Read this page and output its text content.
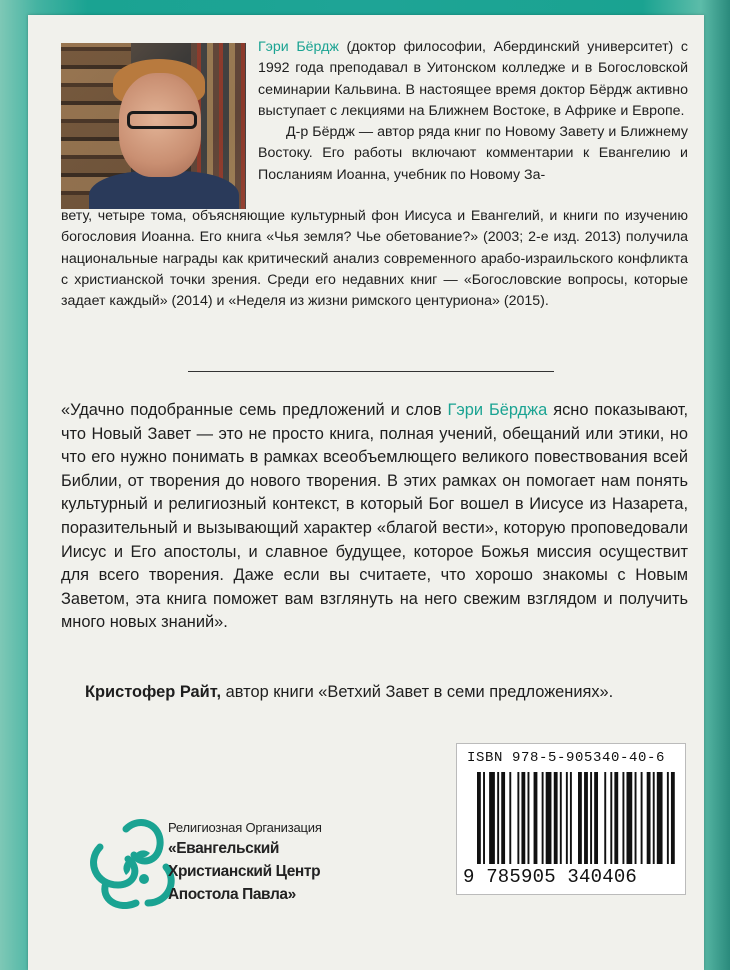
Гэри Бёрдж (доктор философии, Абердинский университет) с 1992 года преподавал в Уитонском колледже и в Богословской семинарии Кальвина. В настоящее время доктор Бёрдж активно выступает с лекциями на Ближнем Востоке, в Африке и Европе.
Д-р Бёрдж — автор ряда книг по Новому Завету и Ближнему Востоку. Его работы включают комментарии к Евангелию и Посланиям Иоанна, учебник по Новому За-
вету, четыре тома, объясняющие культурный фон Иисуса и Евангелий, и книги по изучению богословия Иоанна. Его книга «Чья земля? Чье обетование?» (2003; 2-е изд. 2013) получила национальные награды как критический анализ современного арабо-израильского конфликта с христианской точки зрения. Среди его недавних книг — «Богословские вопросы, которые задает каждый» (2014) и «Неделя из жизни римского центуриона» (2015).

«Удачно подобранные семь предложений и слов Гэри Бёрджа ясно показывают, что Новый Завет — это не просто книга, полная учений, обещаний или этики, но что его нужно понимать в рамках всеобъемлющего великого повествования всей Библии, от творения до нового творения. В этих рамках он помогает нам понять культурный и религиозный контекст, в который Бог вошел в Иисусе из Назарета, поразительный и вызывающий характер «благой вести», которую проповедовали Иисус и Его апостолы, и славное будущее, которое Божья миссия осуществит для всего творения. Даже если вы считаете, что хорошо знакомы с Новым Заветом, эта книга поможет вам взглянуть на него свежим взглядом и получить много новых знаний».

Кристофер Райт, автор книги «Ветхий Завет в семи предложениях».
Религиозная Организация
«Евангельский
Христианский Центр
Апостола Павла»
ISBN 978-5-905340-40-6
9 785905 340406
